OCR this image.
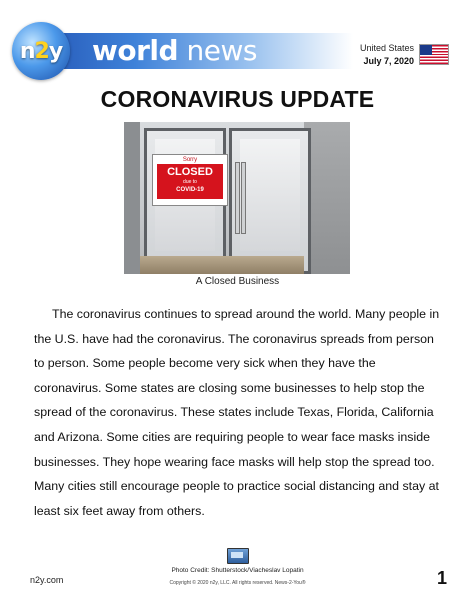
n 2 y world news	United States
July 7, 2020
CORONAVIRUS UPDATE
Sorry
CLOSED
due to
COVID-19
A Closed Business

The coronavirus continues to spread around the world. Many people in the U.S. have had the coronavirus. The coronavirus spreads from person to person. Some people become very sick when they have the coronavirus. Some states are closing some businesses to help stop the spread of the coronavirus. These states include Texas, Florida, California and Arizona. Some cities are requiring people to wear face masks inside businesses. They hope wearing face masks will help stop the spread too. Many cities still encourage people to practice social distancing and stay at least six feet away from others.

Photo Credit: Shutterstock/Viacheslav Lopatin
Copyright © 2020 n2y, LLC. All rights reserved. News-2-You®
n2y.com	1
